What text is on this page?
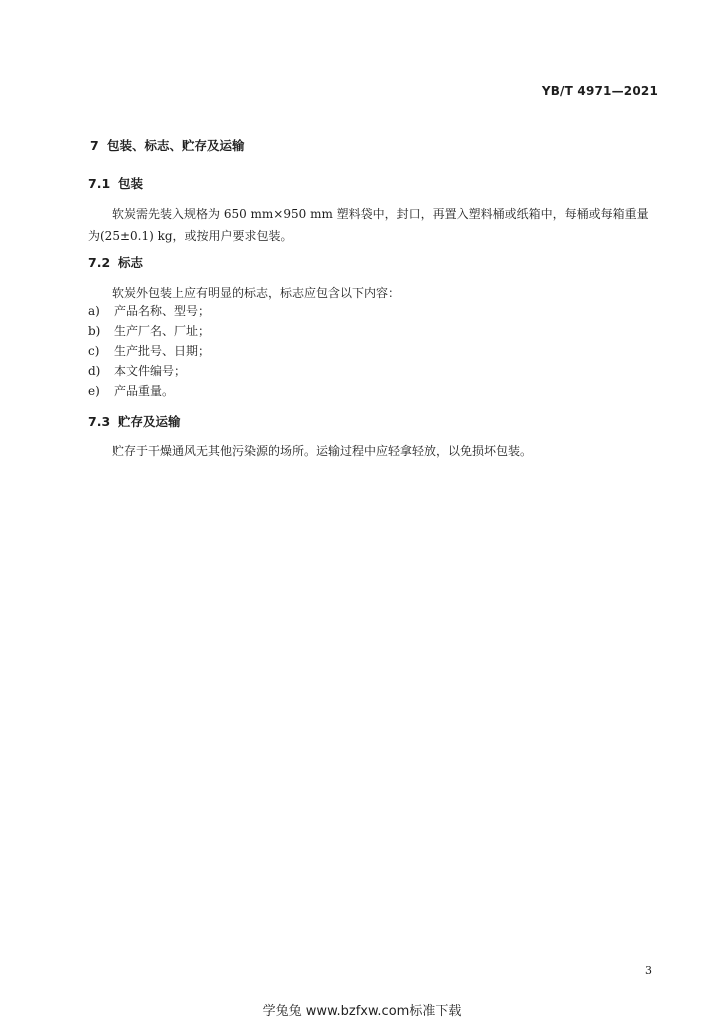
YB/T 4971—2021
7 包装、标志、贮存及运输
7.1 包装

软炭需先装入规格为 650 mm×950 mm 塑料袋中，封口，再置入塑料桶或纸箱中，每桶或每箱重量为(25±0.1) kg，或按用户要求包装。

7.2 标志

软炭外包装上应有明显的标志，标志应包含以下内容：

a) 产品名称、型号；
b) 生产厂名、厂址；
c) 生产批号、日期；
d) 本文件编号；
e) 产品重量。
7.3 贮存及运输

贮存于干燥通风无其他污染源的场所。运输过程中应轻拿轻放，以免损坏包装。

3
学兔兔 www.bzfxw.com标准下载
